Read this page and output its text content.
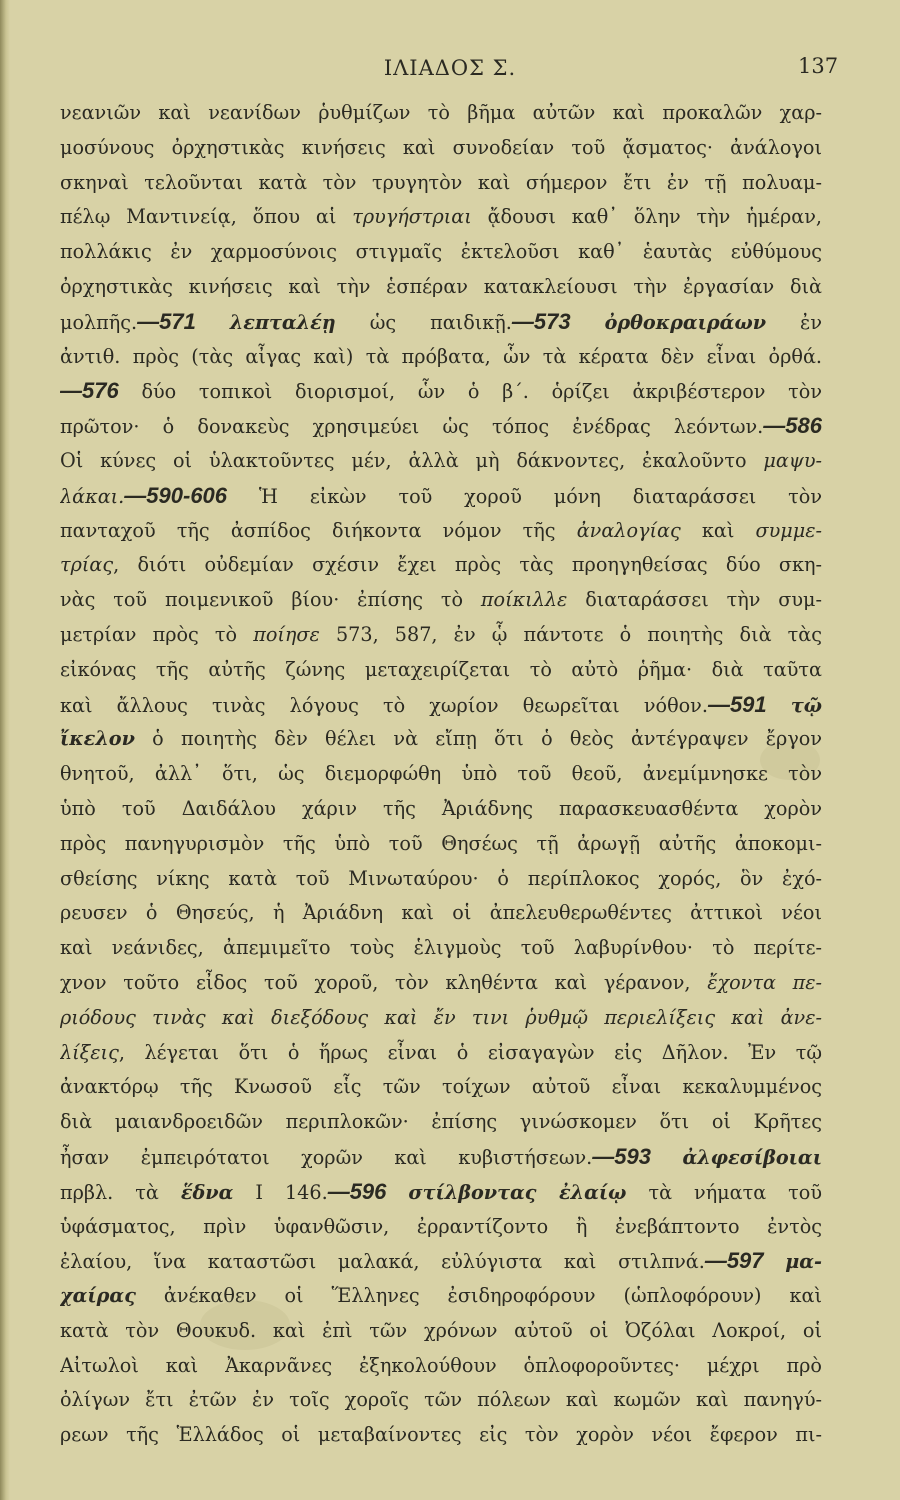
ΙΛΙΑΔΟΣ Σ.	137
νεανιῶν καὶ νεανίδων ῥυθμίζων τὸ βῆμα αὐτῶν καὶ προκαλῶν χαρ-
μοσύνους ὀρχηστικὰς κινήσεις καὶ συνοδείαν τοῦ ᾄσματος· ἀνάλογοι
σκηναὶ τελοῦνται κατὰ τὸν τρυγητὸν καὶ σήμερον ἔτι ἐν τῇ πολυαμ-
πέλῳ Μαντινείᾳ, ὅπου αἱ τρυγήστριαι ᾄδουσι καθ᾽ ὅλην τὴν ἡμέραν,
πολλάκις ἐν χαρμοσύνοις στιγμαῖς ἐκτελοῦσι καθ᾽ ἑαυτὰς εὐθύμους
ὀρχηστικὰς κινήσεις καὶ τὴν ἑσπέραν κατακλείουσι τὴν ἐργασίαν διὰ
μολπῆς.—571 λεπταλέῃ ὡς παιδικῇ.—573 ὀρθοκραιράων ἐν
ἀντιθ. πρὸς (τὰς αἶγας καὶ) τὰ πρόβατα, ὧν τὰ κέρατα δὲν εἶναι ὀρθά.
—576 δύο τοπικοὶ διορισμοί, ὧν ὁ β΄. ὁρίζει ἀκριβέστερον τὸν
πρῶτον· ὁ δονακεὺς χρησιμεύει ὡς τόπος ἐνέδρας λεόντων.—586
Οἱ κύνες οἱ ὑλακτοῦντες μέν, ἀλλὰ μὴ δάκνοντες, ἐκαλοῦντο μαψυ-
λάκαι.—590-606 Ἡ εἰκὼν τοῦ χοροῦ μόνη διαταράσσει τὸν
πανταχοῦ τῆς ἀσπίδος διήκοντα νόμον τῆς ἀναλογίας καὶ συμμε-
τρίας, διότι οὐδεμίαν σχέσιν ἔχει πρὸς τὰς προηγηθείσας δύο σκη-
νὰς τοῦ ποιμενικοῦ βίου· ἐπίσης τὸ ποίκιλλε διαταράσσει τὴν συμ-
μετρίαν πρὸς τὸ ποίησε 573, 587, ἐν ᾧ πάντοτε ὁ ποιητὴς διὰ τὰς
εἰκόνας τῆς αὐτῆς ζώνης μεταχειρίζεται τὸ αὐτὸ ῥῆμα· διὰ ταῦτα
καὶ ἄλλους τινὰς λόγους τὸ χωρίον θεωρεῖται νόθον.—591 τῷ
ἴκελον ὁ ποιητὴς δὲν θέλει νὰ εἴπῃ ὅτι ὁ θεὸς ἀντέγραψεν ἔργον
θνητοῦ, ἀλλ᾽ ὅτι, ὡς διεμορφώθη ὑπὸ τοῦ θεοῦ, ἀνεμίμνησκε τὸν
ὑπὸ τοῦ Δαιδάλου χάριν τῆς Ἀριάδνης παρασκευασθέντα χορὸν
πρὸς πανηγυρισμὸν τῆς ὑπὸ τοῦ Θησέως τῇ ἀρωγῇ αὐτῆς ἀποκομι-
σθείσης νίκης κατὰ τοῦ Μινωταύρου· ὁ περίπλοκος χορός, ὃν ἐχό-
ρευσεν ὁ Θησεύς, ἡ Ἀριάδνη καὶ οἱ ἀπελευθερωθέντες ἀττικοὶ νέοι
καὶ νεάνιδες, ἀπεμιμεῖτο τοὺς ἑλιγμοὺς τοῦ λαβυρίνθου· τὸ περίτε-
χνον τοῦτο εἶδος τοῦ χοροῦ, τὸν κληθέντα καὶ γέρανον, ἔχοντα πε-
ριόδους τινὰς καὶ διεξόδους καὶ ἔν τινι ῥυθμῷ περιελίξεις καὶ ἀνε-
λίξεις, λέγεται ὅτι ὁ ἥρως εἶναι ὁ εἰσαγαγὼν εἰς Δῆλον. Ἐν τῷ
ἀνακτόρῳ τῆς Κνωσοῦ εἷς τῶν τοίχων αὐτοῦ εἶναι κεκαλυμμένος
διὰ μαιανδροειδῶν περιπλοκῶν· ἐπίσης γινώσκομεν ὅτι οἱ Κρῆτες
ἦσαν ἐμπειρότατοι χορῶν καὶ κυβιστήσεων.—593 ἀλφεσίβοιαι
πρβλ. τὰ ἕδνα Ι 146.—596 στίλβοντας ἐλαίῳ τὰ νήματα τοῦ
ὑφάσματος, πρὶν ὑφανθῶσιν, ἐρραντίζοντο ἢ ἐνεβάπτοντο ἐντὸς
ἐλαίου, ἵνα καταστῶσι μαλακά, εὐλύγιστα καὶ στιλπνά.—597 μα-
χαίρας ἀνέκαθεν οἱ Ἕλληνες ἐσιδηροφόρουν (ὡπλοφόρουν) καὶ
κατὰ τὸν Θουκυδ. καὶ ἐπὶ τῶν χρόνων αὐτοῦ οἱ Ὀζόλαι Λοκροί, οἱ
Αἰτωλοὶ καὶ Ἀκαρνᾶνες ἐξηκολούθουν ὁπλοφοροῦντες· μέχρι πρὸ
ὀλίγων ἔτι ἐτῶν ἐν τοῖς χοροῖς τῶν πόλεων καὶ κωμῶν καὶ πανηγύ-
ρεων τῆς Ἑλλάδος οἱ μεταβαίνοντες εἰς τὸν χορὸν νέοι ἔφερον πι-
